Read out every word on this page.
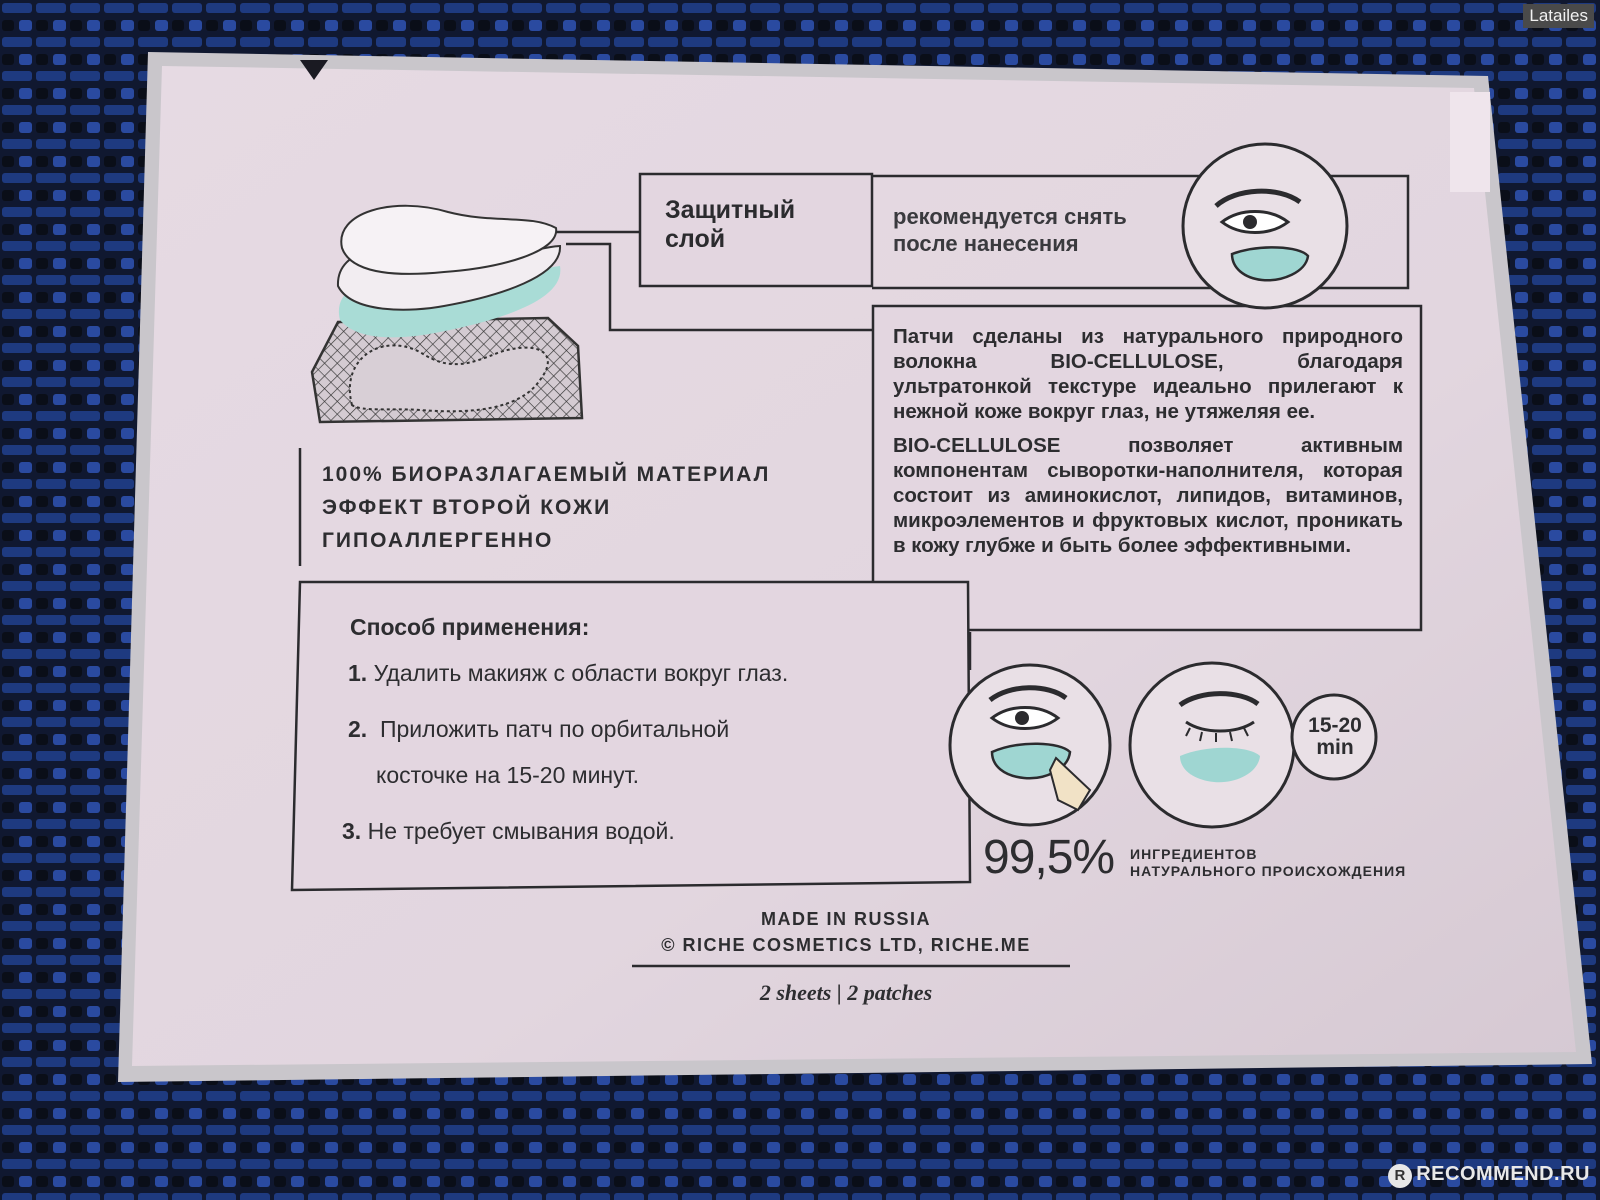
Latailes
R RECOMMEND.RU
Защитный слой
рекомендуется снять после нанесения

Патчи сделаны из натурального природного волокна BIO-CELLULOSE, благодаря ультратонкой текстуре идеально прилегают к нежной коже вокруг глаз, не утяжеляя ее.

BIO-CELLULOSE позволяет активным компонентам сыворотки-наполнителя, которая состоит из аминокислот, липидов, витаминов, микроэлементов и фруктовых кислот, проникать в кожу глубже и быть более эффективными.

100% БИОРАЗЛАГАЕМЫЙ МАТЕРИАЛ
ЭФФЕКТ ВТОРОЙ КОЖИ
ГИПОАЛЛЕРГЕННО
Способ применения:
1. Удалить макияж с области вокруг глаз.
2. Приложить патч по орбитальной
косточке на 15-20 минут.
3. Не требует смывания водой.
15-20
min
99,5% ИНГРЕДИЕНТОВ
НАТУРАЛЬНОГО ПРОИСХОЖДЕНИЯ
MADE IN RUSSIA
© RICHE COSMETICS LTD, RICHE.ME
2 sheets | 2 patches
